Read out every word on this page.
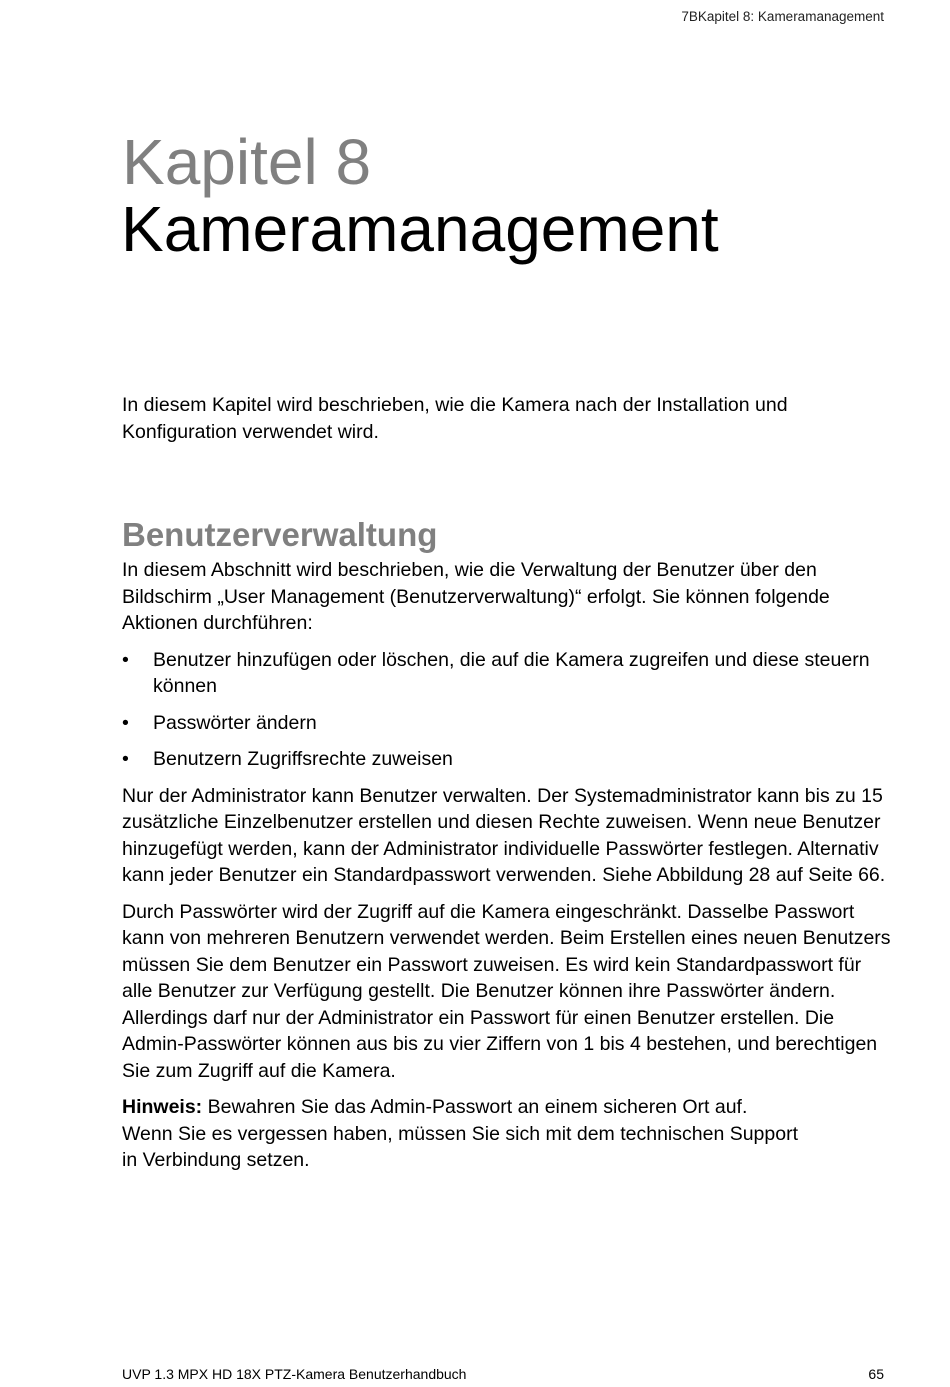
7BKapitel 8: Kameramanagement
Kapitel 8
Kameramanagement

In diesem Kapitel wird beschrieben, wie die Kamera nach der Installation und Konfiguration verwendet wird.

Benutzerverwaltung

In diesem Abschnitt wird beschrieben, wie die Verwaltung der Benutzer über den Bildschirm „User Management (Benutzerverwaltung)“ erfolgt. Sie können folgende Aktionen durchführen:

• Benutzer hinzufügen oder löschen, die auf die Kamera zugreifen und diese steuern können
• Passwörter ändern
• Benutzern Zugriffsrechte zuweisen

Nur der Administrator kann Benutzer verwalten. Der Systemadministrator kann bis zu 15 zusätzliche Einzelbenutzer erstellen und diesen Rechte zuweisen. Wenn neue Benutzer hinzugefügt werden, kann der Administrator individuelle Passwörter festlegen. Alternativ kann jeder Benutzer ein Standardpasswort verwenden. Siehe Abbildung 28 auf Seite 66.

Durch Passwörter wird der Zugriff auf die Kamera eingeschränkt. Dasselbe Passwort kann von mehreren Benutzern verwendet werden. Beim Erstellen eines neuen Benutzers müssen Sie dem Benutzer ein Passwort zuweisen. Es wird kein Standardpasswort für alle Benutzer zur Verfügung gestellt. Die Benutzer können ihre Passwörter ändern. Allerdings darf nur der Administrator ein Passwort für einen Benutzer erstellen. Die Admin-Passwörter können aus bis zu vier Ziffern von 1 bis 4 bestehen, und berechtigen Sie zum Zugriff auf die Kamera.

Hinweis: Bewahren Sie das Admin-Passwort an einem sicheren Ort auf.
Wenn Sie es vergessen haben, müssen Sie sich mit dem technischen Support
in Verbindung setzen.

UVP 1.3 MPX HD 18X PTZ-Kamera Benutzerhandbuch	65
